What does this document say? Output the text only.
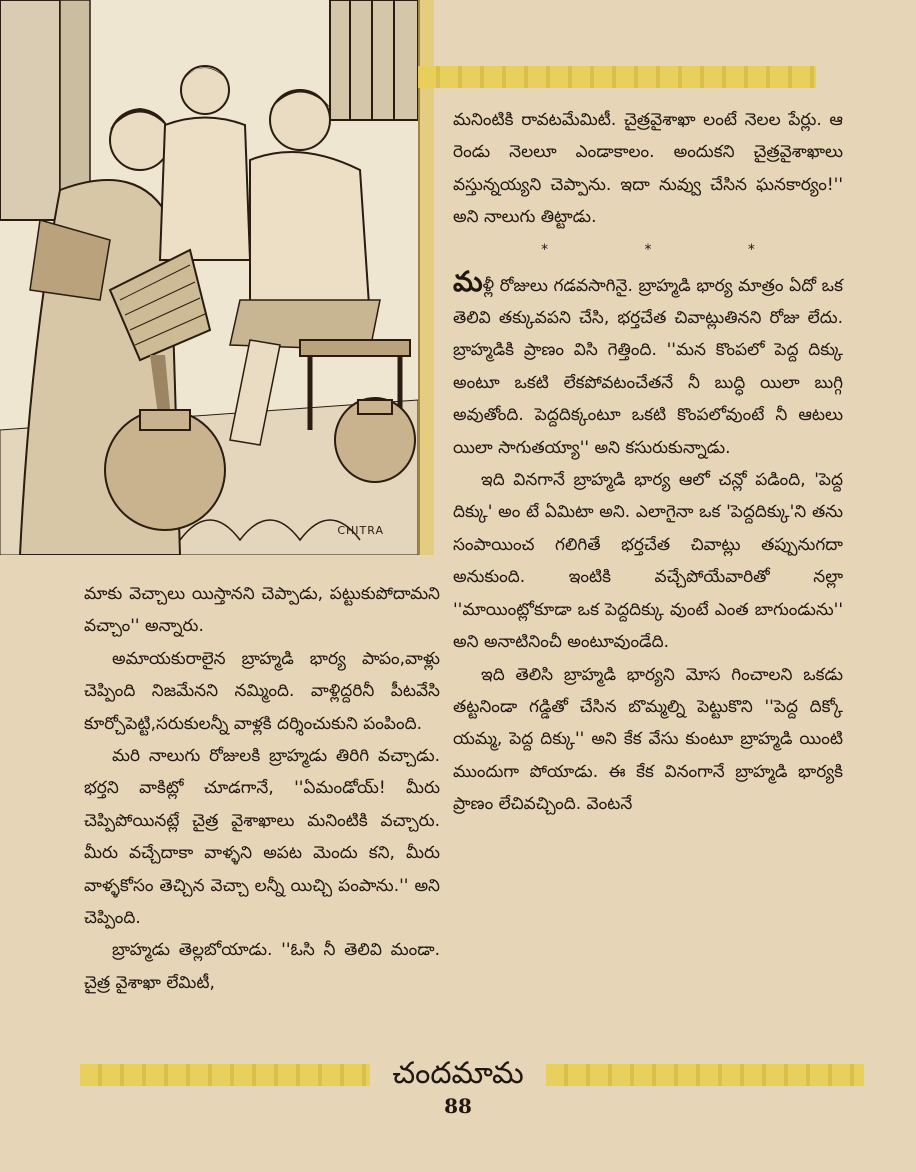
CHITRA

మనింటికి రావటమేమిటీ. చైత్రవైశాఖా లంటే నెలల పేర్లు. ఆ రెండు నెలలూ ఎండాకాలం. అందుకని చైత్రవైశాఖాలు వస్తున్నయ్యని చెప్పాను. ఇదా నువ్వు చేసిన ఘనకార్యం!'' అని నాలుగు తిట్టాడు.

*	*	*

మళ్లీ రోజులు గడవసాగినై. బ్రాహ్మడి భార్య మాత్రం ఏదో ఒక తెలివి తక్కువపని చేసి, భర్తచేత చివాట్లుతినని రోజు లేదు. బ్రాహ్మడికి ప్రాణం విసి గెత్తింది. ''మన కొంపలో పెద్ద దిక్కు అంటూ ఒకటి లేకపోవటంచేతనే నీ బుద్ధి యిలా బుగ్గి అవుతోంది. పెద్దదిక్కంటూ ఒకటి కొంపలోవుంటే నీ ఆటలు యిలా సాగుతయ్యా'' అని కసురుకున్నాడు.

ఇది వినగానే బ్రాహ్మడి భార్య ఆలో చన్లో పడింది, 'పెద్ద దిక్కు' అం టే ఏమిటా అని. ఎలాగైనా ఒక 'పెద్దదిక్కు'ని తను సంపాయించ గలిగితే భర్తచేత చివాట్లు తప్పునుగదా అనుకుంది. ఇంటికి వచ్చేపోయేవారితో నల్లా ''మాయింట్లోకూడా ఒక పెద్దదిక్కు వుంటే ఎంత బాగుండును'' అని అనాటినించీ అంటూవుండేది.

ఇది తెలిసి బ్రాహ్మడి భార్యని మోస గించాలని ఒకడు తట్టనిండా గడ్డితో చేసిన బొమ్మల్ని పెట్టుకొని ''పెద్ద దిక్కో యమ్మ, పెద్ద దిక్కు'' అని కేక వేసు కుంటూ బ్రాహ్మడి యింటి ముందుగా పోయాడు. ఈ కేక వినంగానే బ్రాహ్మడి భార్యకి ప్రాణం లేచివచ్చింది. వెంటనే

మాకు వెచ్చాలు యిస్తానని చెప్పాడు, పట్టుకుపోదామని వచ్చాం'' అన్నారు.

అమాయకురాలైన బ్రాహ్మడి భార్య పాపం,వాళ్లు చెప్పింది నిజమేనని నమ్మింది. వాళ్లిద్దరినీ పీటవేసి కూర్చోపెట్టి,సరుకులన్నీ వాళ్లకి దర్శించుకుని పంపింది.

మరి నాలుగు రోజులకి బ్రాహ్మడు తిరిగి వచ్చాడు. భర్తని వాకిట్లో చూడగానే, ''ఏమండోయ్! మీరు చెప్పిపోయినట్లే చైత్ర వైశాఖాలు మనింటికి వచ్చారు. మీరు వచ్చేదాకా వాళ్ళని అపట మెందు కని, మీరు వాళ్ళకోసం తెచ్చిన వెచ్చా లన్నీ యిచ్చి పంపాను.'' అని చెప్పింది.

బ్రాహ్మడు తెల్లబోయాడు. ''ఓసి నీ తెలివి మండా. చైత్ర వైశాఖా లేమిటీ,

చందమామ
88
